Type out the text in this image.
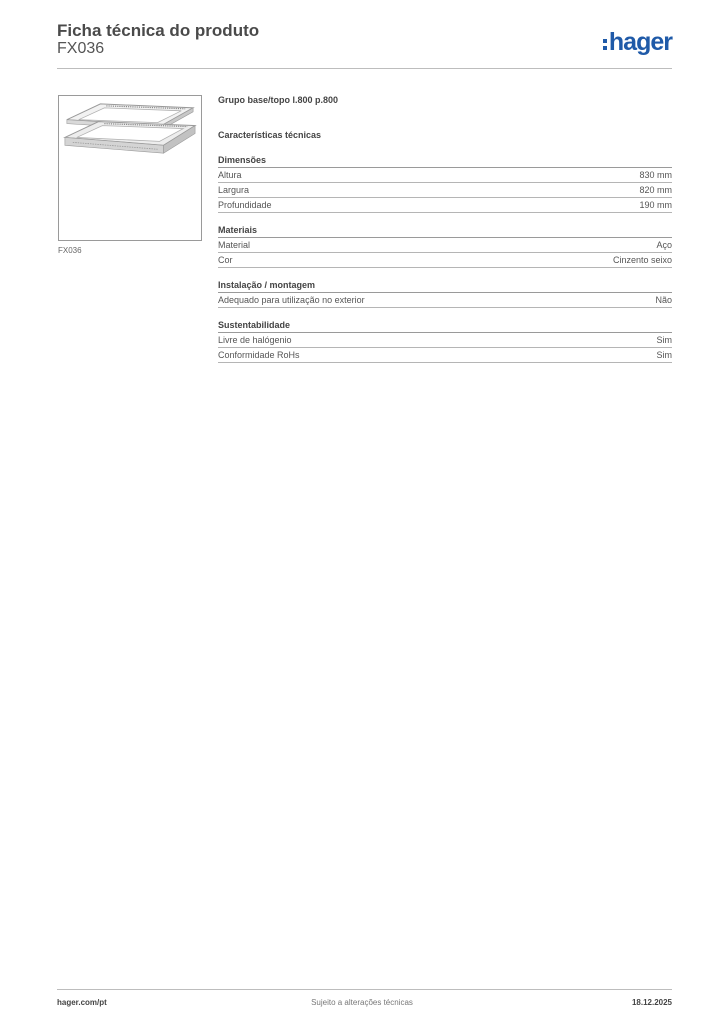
Ficha técnica do produto
FX036	hager
FX036
Grupo base/topo l.800 p.800
Características técnicas
Dimensões
Altura	830 mm
Largura	820 mm
Profundidade	190 mm
Materiais
Material	Aço
Cor	Cinzento seixo
Instalação / montagem
Adequado para utilização no exterior	Não
Sustentabilidade
Livre de halógenio	Sim
Conformidade RoHs	Sim
hager.com/pt	Sujeito a alterações técnicas	18.12.2025
